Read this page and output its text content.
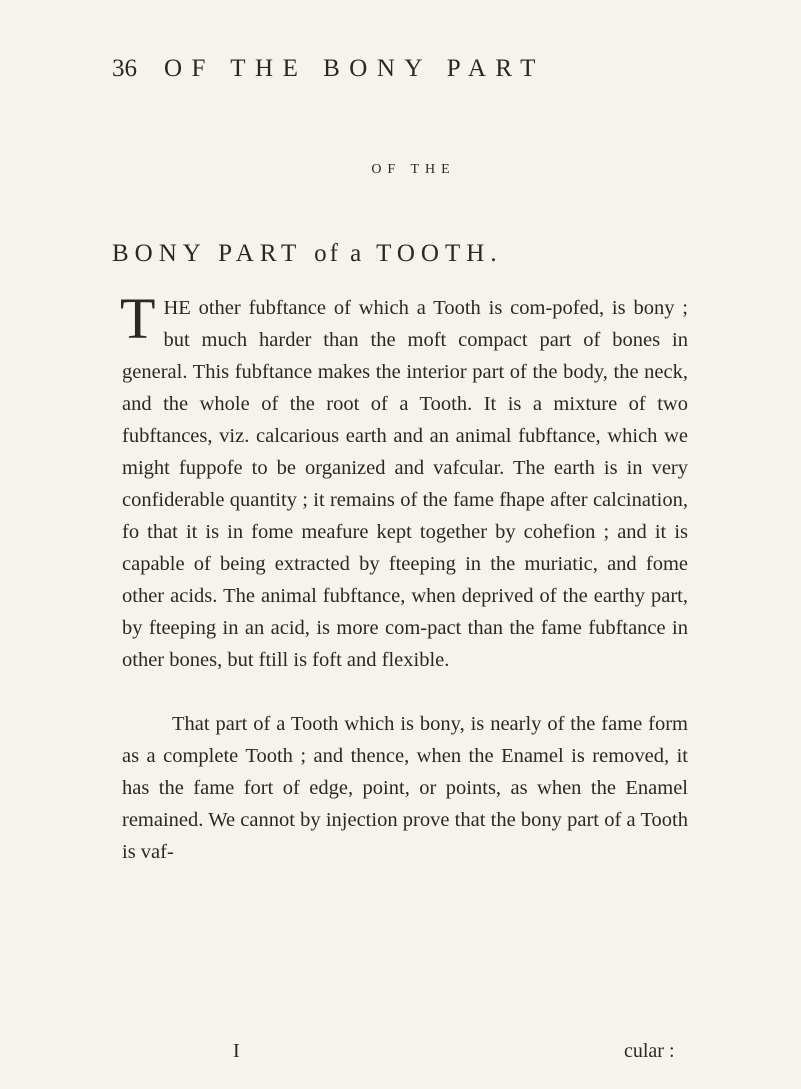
36 OF THE BONY PART
OF THE
BONY PART of a TOOTH.

T HE other fubftance of which a Tooth is com-pofed, is bony ; but much harder than the moft compact part of bones in general. This fubftance makes the interior part of the body, the neck, and the whole of the root of a Tooth. It is a mixture of two fubftances, viz. calcarious earth and an animal fubftance, which we might fuppofe to be organized and vafcular. The earth is in very confiderable quantity ; it remains of the fame fhape after calcination, fo that it is in fome meafure kept together by cohefion ; and it is capable of being extracted by fteeping in the muriatic, and fome other acids. The animal fubftance, when deprived of the earthy part, by fteeping in an acid, is more com-pact than the fame fubftance in other bones, but ftill is foft and flexible.

That part of a Tooth which is bony, is nearly of the fame form as a complete Tooth ; and thence, when the Enamel is removed, it has the fame fort of edge, point, or points, as when the Enamel remained. We cannot by injection prove that the bony part of a Tooth is vaf-

I	cular :
